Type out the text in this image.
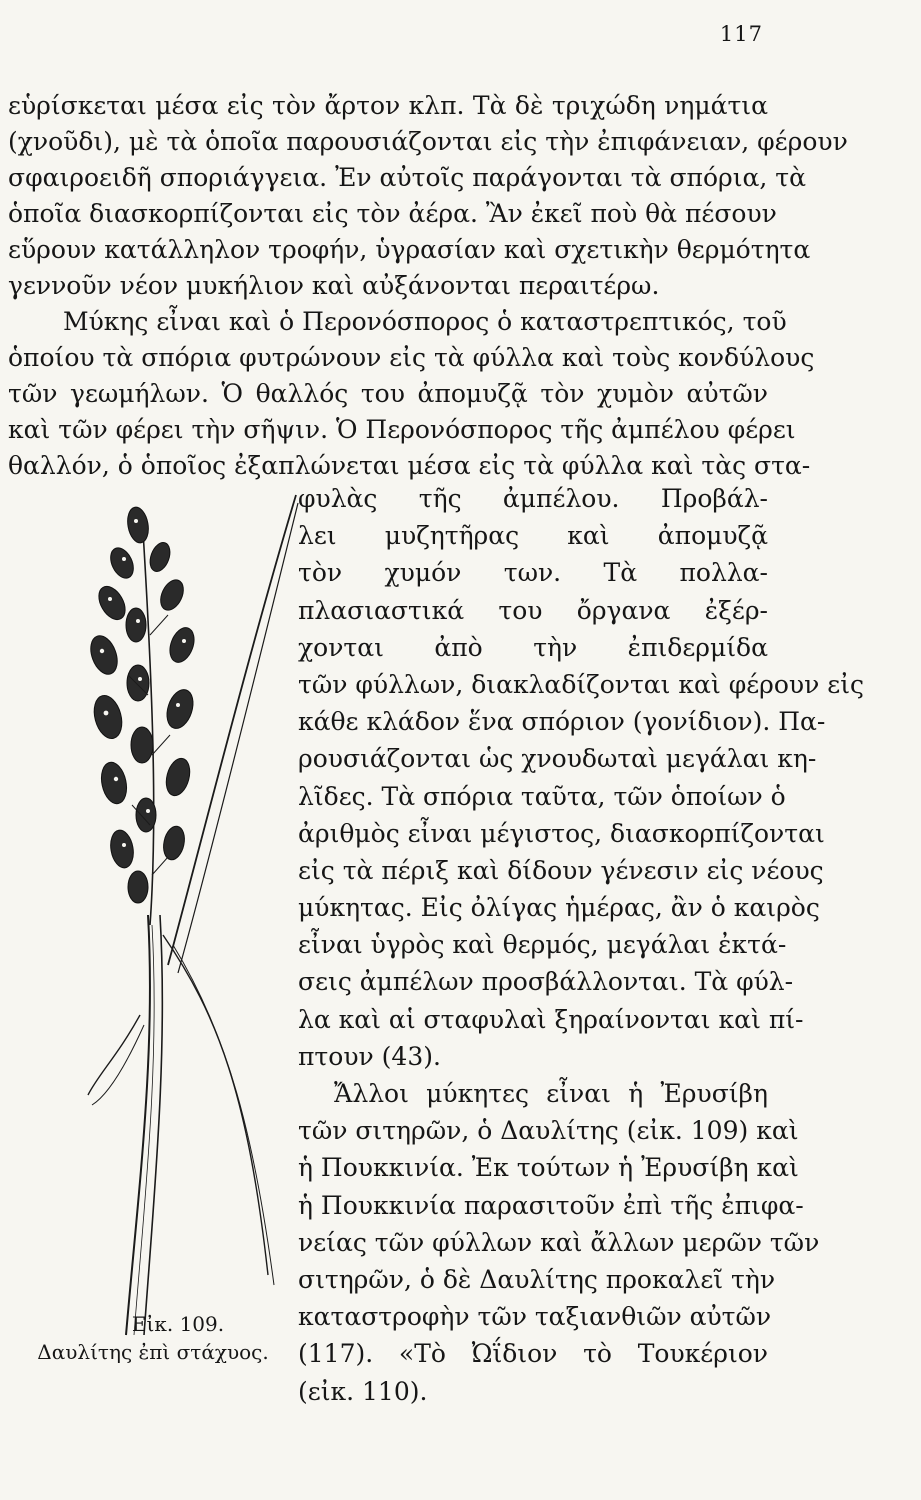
117
εὑρίσκεται μέσα εἰς τὸν ἄρτον κλπ. Τὰ δὲ τριχώδη νημάτια
(χνοῦδι), μὲ τὰ ὁποῖα παρουσιάζονται εἰς τὴν ἐπιφάνειαν, φέρουν
σφαιροειδῆ σποριάγγεια. Ἐν αὐτοῖς παράγονται τὰ σπόρια, τὰ
ὁποῖα διασκορπίζονται εἰς τὸν ἀέρα. Ἂν ἐκεῖ ποὺ θὰ πέσουν
εὕρουν κατάλληλον τροφήν, ὑγρασίαν καὶ σχετικὴν θερμότητα
γεννοῦν νέον μυκήλιον καὶ αὐξάνονται περαιτέρω.
Μύκης εἶναι καὶ ὁ Περονόσπορος ὁ καταστρεπτικός, τοῦ
ὁποίου τὰ σπόρια φυτρώνουν εἰς τὰ φύλλα καὶ τοὺς κονδύλους
τῶν γεωμήλων. Ὁ θαλλός του ἀπομυζᾷ τὸν χυμὸν αὐτῶν
καὶ τῶν φέρει τὴν σῆψιν. Ὁ Περονόσπορος τῆς ἀμπέλου φέρει
θαλλόν, ὁ ὁποῖος ἐξαπλώνεται μέσα εἰς τὰ φύλλα καὶ τὰς στα-
φυλὰς τῆς ἀμπέλου. Προβάλ-
λει μυζητῆρας καὶ ἀπομυζᾷ
τὸν χυμόν των. Τὰ πολλα-
πλασιαστικά του ὄργανα ἐξέρ-
χονται ἀπὸ τὴν ἐπιδερμίδα
τῶν φύλλων, διακλαδίζονται καὶ φέρουν εἰς
κάθε κλάδον ἕνα σπόριον (γονίδιον). Πα-
ρουσιάζονται ὡς χνουδωταὶ μεγάλαι κη-
λῖδες. Τὰ σπόρια ταῦτα, τῶν ὁποίων ὁ
ἀριθμὸς εἶναι μέγιστος, διασκορπίζονται
εἰς τὰ πέριξ καὶ δίδουν γένεσιν εἰς νέους
μύκητας. Εἰς ὀλίγας ἡμέρας, ἂν ὁ καιρὸς
εἶναι ὑγρὸς καὶ θερμός, μεγάλαι ἐκτά-
σεις ἀμπέλων προσβάλλονται. Τὰ φύλ-
λα καὶ αἱ σταφυλαὶ ξηραίνονται καὶ πί-
πτουν (43).
Ἄλλοι μύκητες εἶναι ἡ Ἐρυσίβη
τῶν σιτηρῶν, ὁ Δαυλίτης (εἰκ. 109) καὶ
ἡ Πουκκινία. Ἐκ τούτων ἡ Ἐρυσίβη καὶ
ἡ Πουκκινία παρασιτοῦν ἐπὶ τῆς ἐπιφα-
νείας τῶν φύλλων καὶ ἄλλων μερῶν τῶν
σιτηρῶν, ὁ δὲ Δαυλίτης προκαλεῖ τὴν
καταστροφὴν τῶν ταξιανθιῶν αὐτῶν
(117). «Τὸ Ὠΐδιον τὸ Τουκέριον
(εἰκ. 110).
Εἰκ. 109.
Δαυλίτης ἐπὶ στάχυος.
